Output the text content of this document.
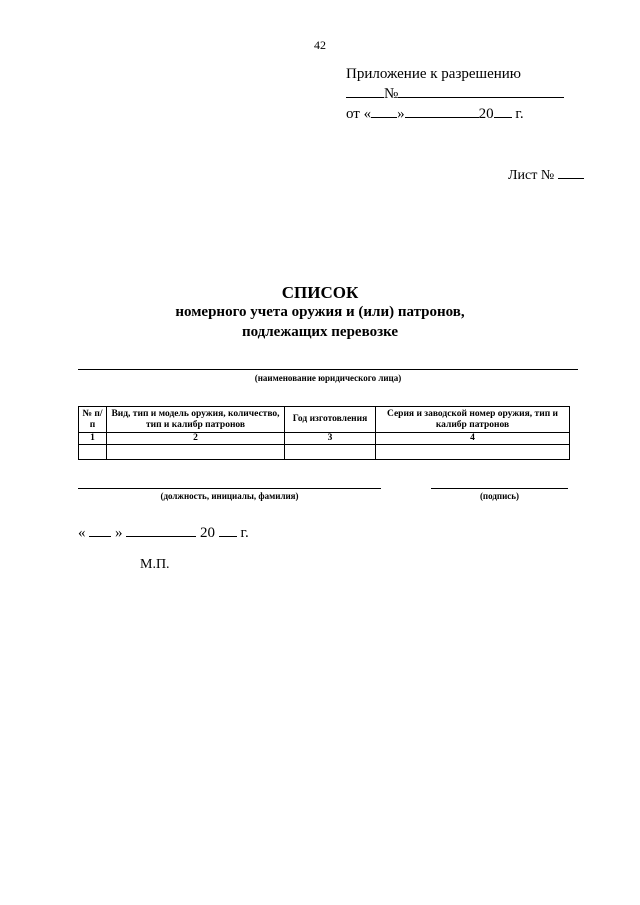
42
Приложение к разрешению
№
от « »	20 г.
Лист №
СПИСОК
номерного учета оружия и (или) патронов,
подлежащих перевозке
(наименование юридического лица)
№ п/п	Вид, тип и модель оружия, количество, тип и калибр патронов	Год изготовления	Серия и заводской номер оружия, тип и калибр патронов
1	2	3	4

(должность, инициалы, фамилия)	(подпись)
« »	20 г.
М.П.
